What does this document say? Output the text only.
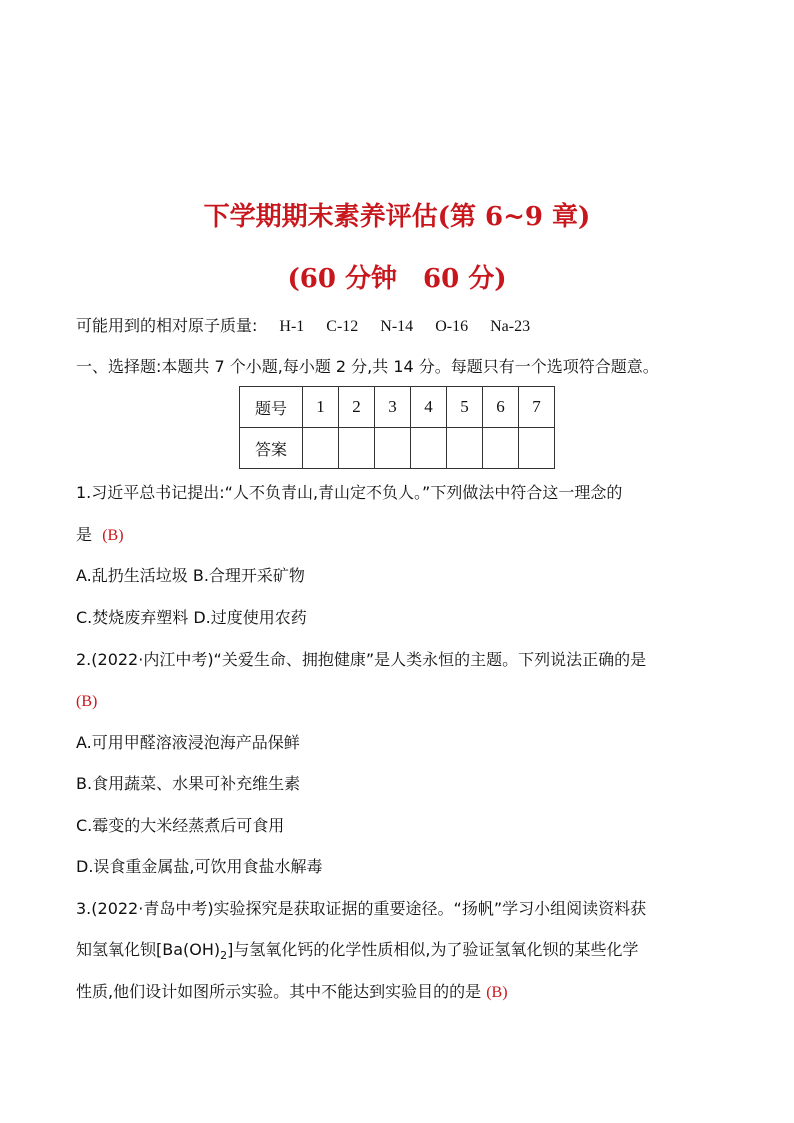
下学期期末素养评估(第 6~9 章)
(60 分钟　60 分)
可能用到的相对原子质量: H-1 C-12 N-14 O-16 Na-23
一、选择题:本题共 7 个小题,每小题 2 分,共 14 分。每题只有一个选项符合题意。
题号	1	2	3	4	5	6	7
答案							
1.习近平总书记提出:“人不负青山,青山定不负人。”下列做法中符合这一理念的
是 (B)
A.乱扔生活垃圾 B.合理开采矿物
C.焚烧废弃塑料 D.过度使用农药
2.(2022·内江中考)“关爱生命、拥抱健康”是人类永恒的主题。下列说法正确的是
(B)
A.可用甲醛溶液浸泡海产品保鲜
B.食用蔬菜、水果可补充维生素
C.霉变的大米经蒸煮后可食用
D.误食重金属盐,可饮用食盐水解毒
3.(2022·青岛中考)实验探究是获取证据的重要途径。“扬帆”学习小组阅读资料获
知氢氧化钡$[Ba(OH)_2]$与氢氧化钙的化学性质相似,为了验证氢氧化钡的某些化学
性质,他们设计如图所示实验。其中不能达到实验目的的是 (B)
